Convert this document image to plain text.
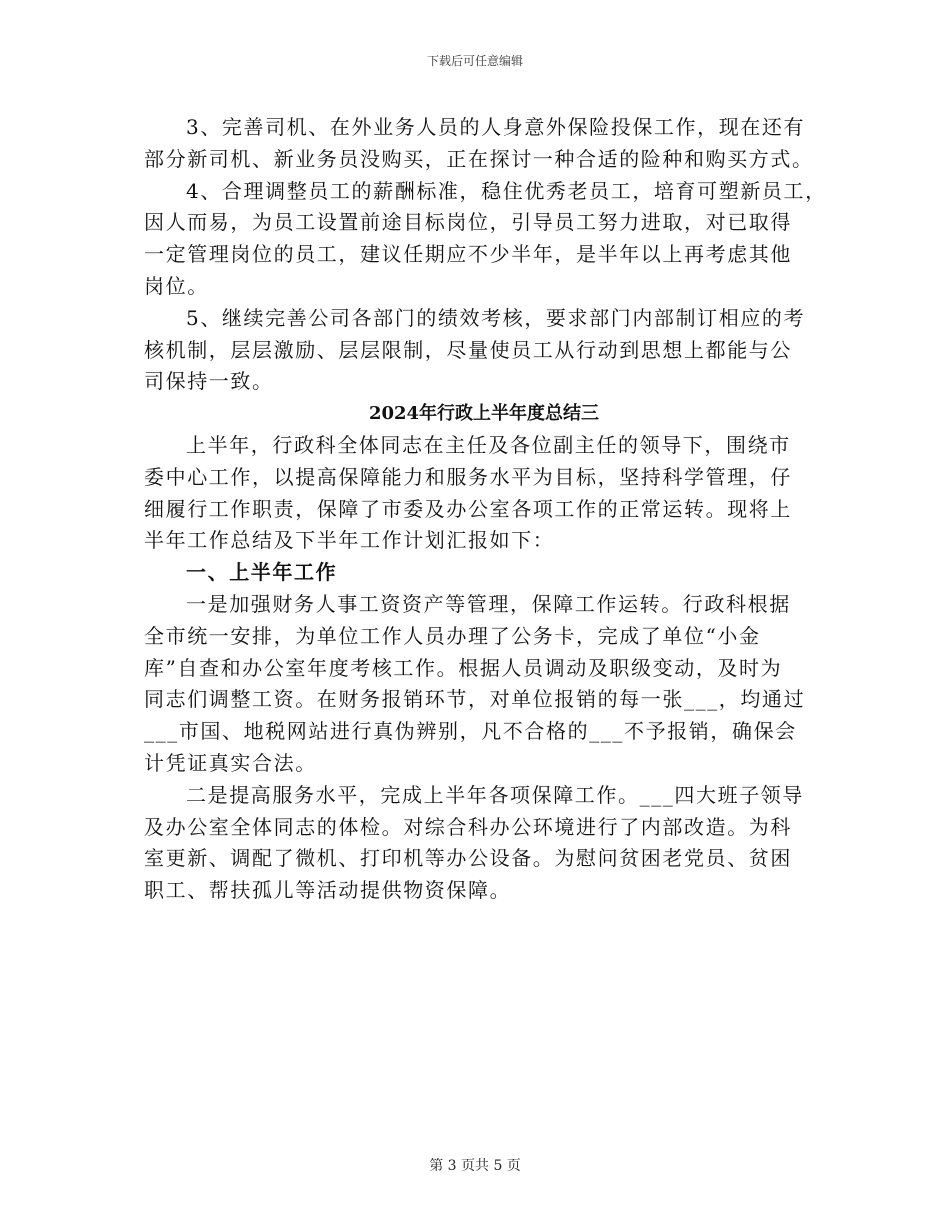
下载后可任意编辑
3、完善司机、在外业务人员的人身意外保险投保工作，现在还有
部分新司机、新业务员没购买，正在探讨一种合适的险种和购买方式。
4、合理调整员工的薪酬标准，稳住优秀老员工，培育可塑新员工，
因人而易，为员工设置前途目标岗位，引导员工努力进取，对已取得
一定管理岗位的员工，建议任期应不少半年，是半年以上再考虑其他
岗位。
5、继续完善公司各部门的绩效考核，要求部门内部制订相应的考
核机制，层层激励、层层限制，尽量使员工从行动到思想上都能与公
司保持一致。
2024年行政上半年度总结三
上半年，行政科全体同志在主任及各位副主任的领导下，围绕市
委中心工作，以提高保障能力和服务水平为目标，坚持科学管理，仔
细履行工作职责，保障了市委及办公室各项工作的正常运转。现将上
半年工作总结及下半年工作计划汇报如下：
一、上半年工作
一是加强财务人事工资资产等管理，保障工作运转。行政科根据
全市统一安排，为单位工作人员办理了公务卡，完成了单位“小金
库”自查和办公室年度考核工作。根据人员调动及职级变动，及时为
同志们调整工资。在财务报销环节，对单位报销的每一张___，均通过
___市国、地税网站进行真伪辨别，凡不合格的___不予报销，确保会
计凭证真实合法。
二是提高服务水平，完成上半年各项保障工作。___四大班子领导
及办公室全体同志的体检。对综合科办公环境进行了内部改造。为科
室更新、调配了微机、打印机等办公设备。为慰问贫困老党员、贫困
职工、帮扶孤儿等活动提供物资保障。
第 3 页共 5 页
